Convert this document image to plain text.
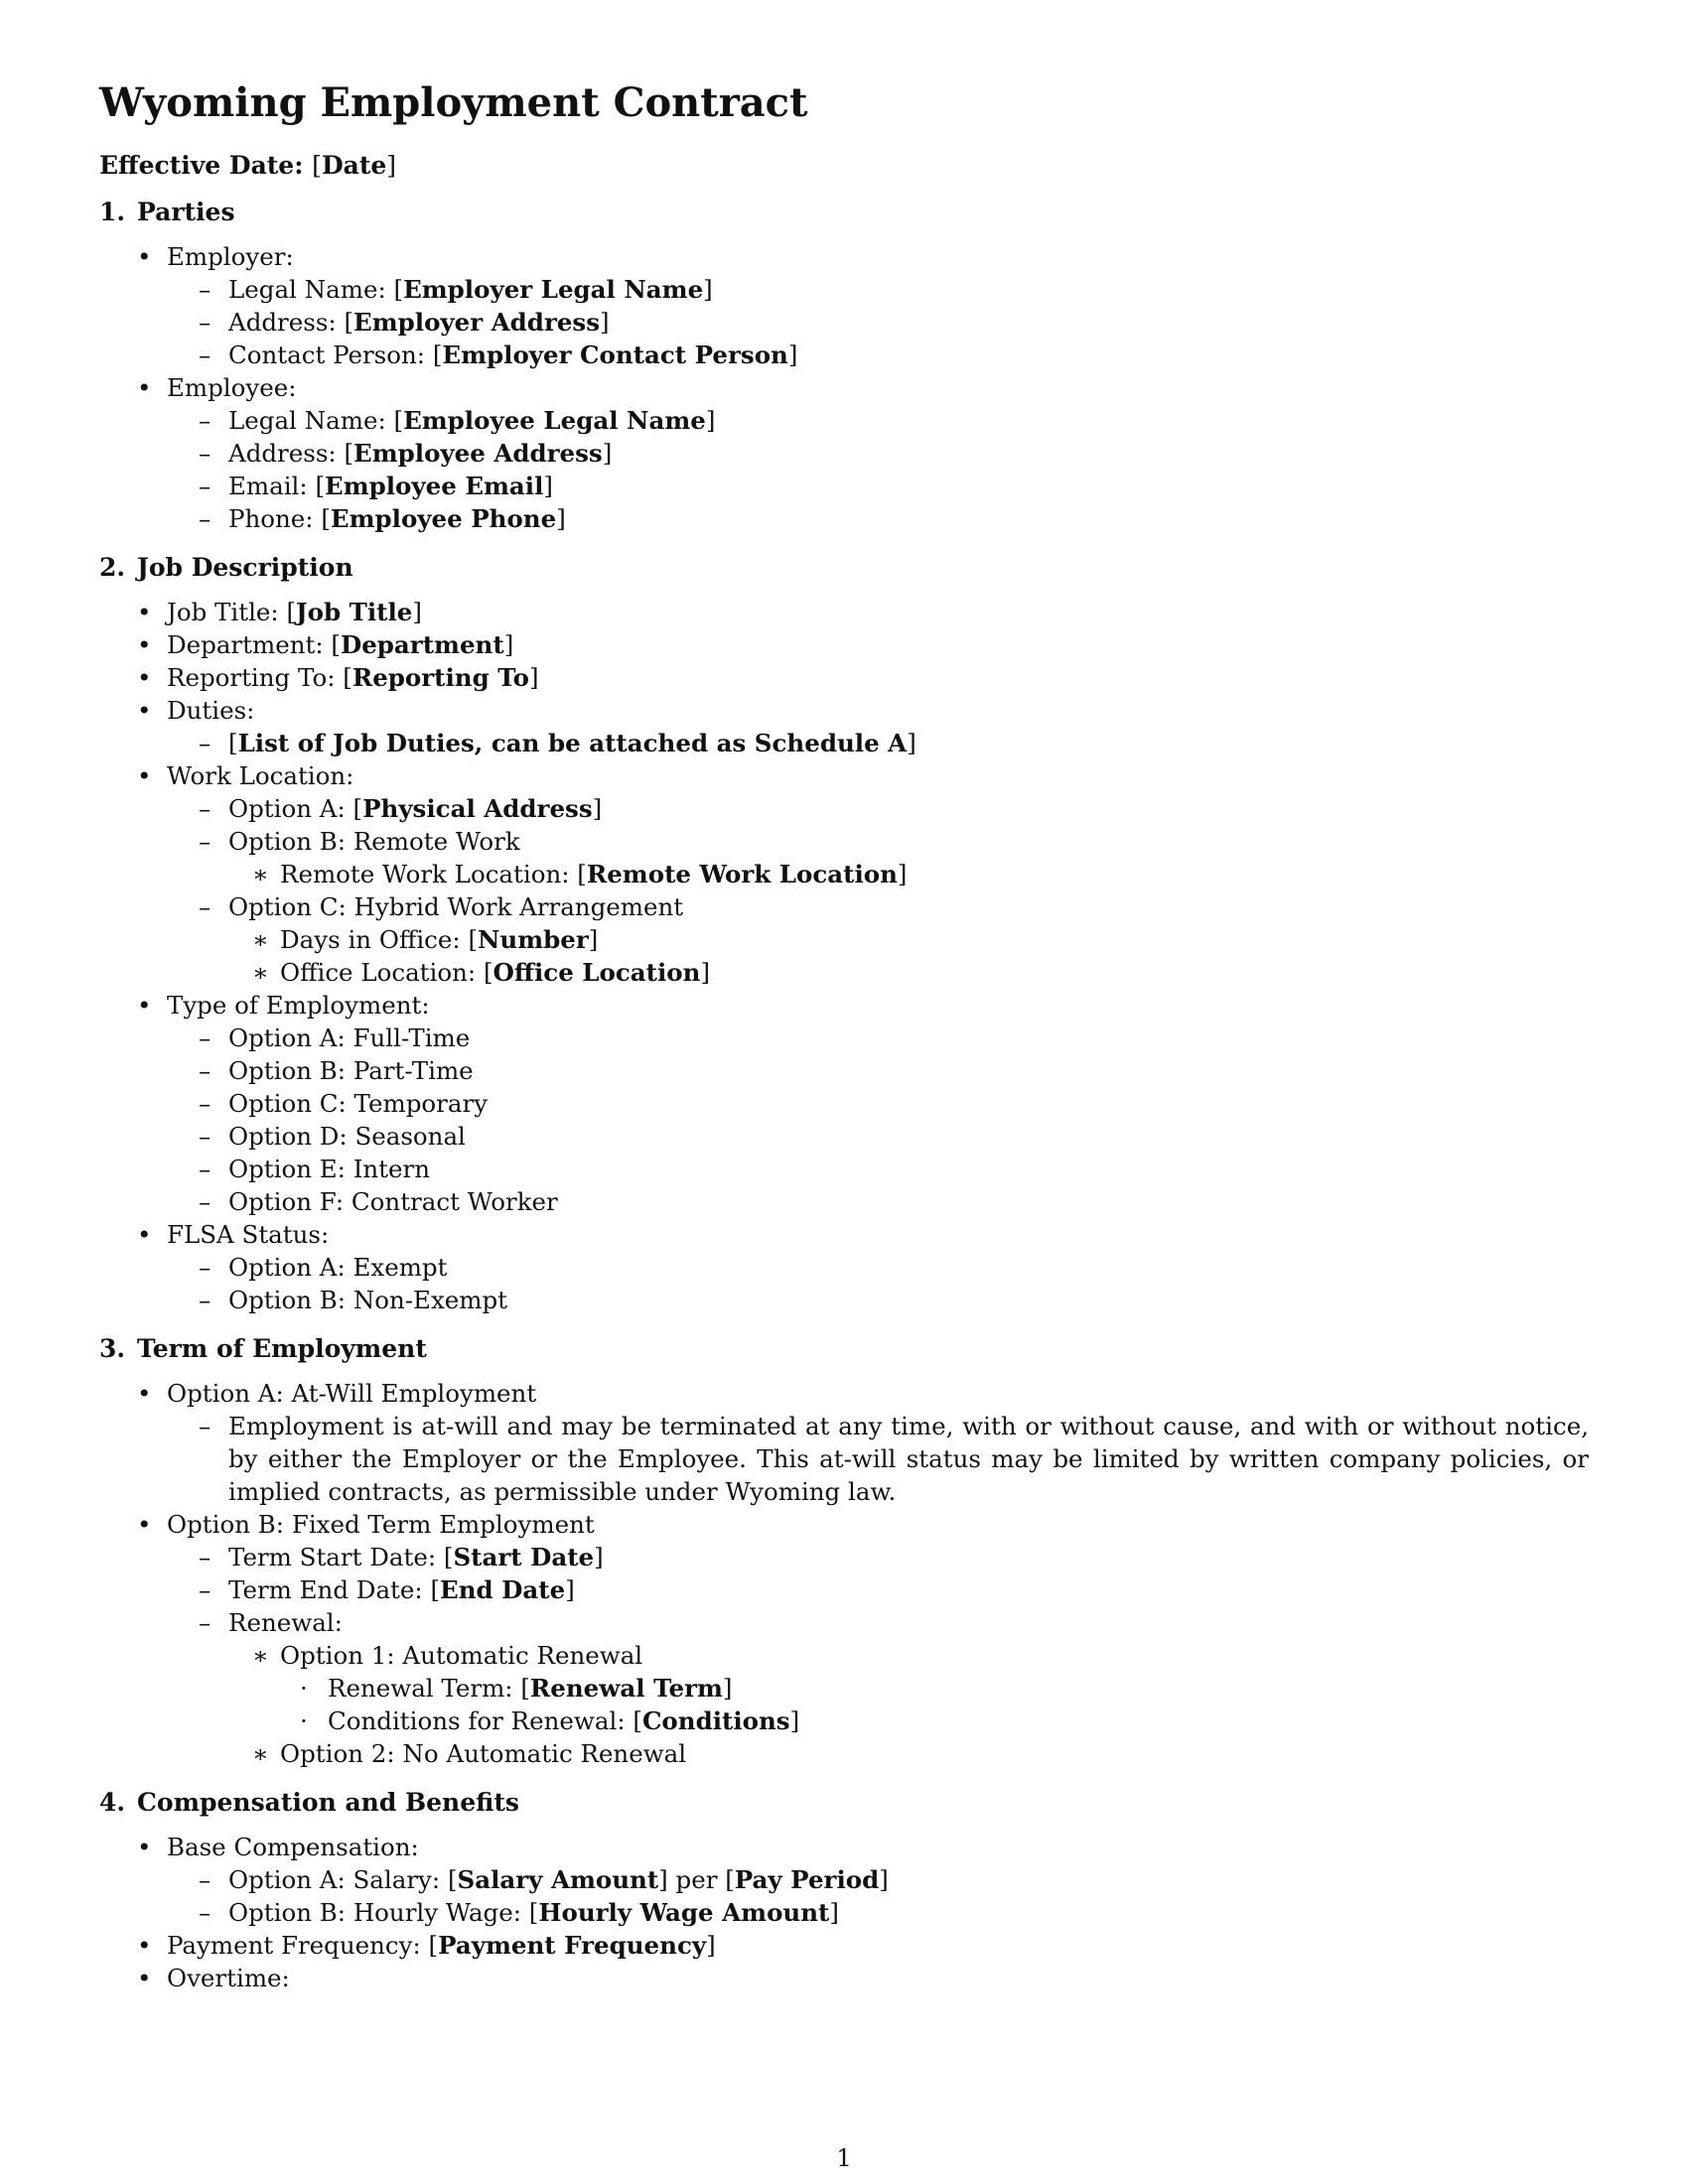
Wyoming Employment Contract
Effective Date: [Date]
1. Parties
• Employer:
– Legal Name: [Employer Legal Name]
– Address: [Employer Address]
– Contact Person: [Employer Contact Person]
• Employee:
– Legal Name: [Employee Legal Name]
– Address: [Employee Address]
– Email: [Employee Email]
– Phone: [Employee Phone]
2. Job Description
• Job Title: [Job Title]
• Department: [Department]
• Reporting To: [Reporting To]
• Duties:
– [List of Job Duties, can be attached as Schedule A]
• Work Location:
– Option A: [Physical Address]
– Option B: Remote Work
∗ Remote Work Location: [Remote Work Location]
– Option C: Hybrid Work Arrangement
∗ Days in Office: [Number]
∗ Office Location: [Office Location]
• Type of Employment:
– Option A: Full-Time
– Option B: Part-Time
– Option C: Temporary
– Option D: Seasonal
– Option E: Intern
– Option F: Contract Worker
• FLSA Status:
– Option A: Exempt
– Option B: Non-Exempt
3. Term of Employment
• Option A: At-Will Employment
– Employment is at-will and may be terminated at any time, with or without cause, and with or without notice, by either the Employer or the Employee. This at-will status may be limited by written company policies, or implied contracts, as permissible under Wyoming law.
• Option B: Fixed Term Employment
– Term Start Date: [Start Date]
– Term End Date: [End Date]
– Renewal:
∗ Option 1: Automatic Renewal
· Renewal Term: [Renewal Term]
· Conditions for Renewal: [Conditions]
∗ Option 2: No Automatic Renewal
4. Compensation and Benefits
• Base Compensation:
– Option A: Salary: [Salary Amount] per [Pay Period]
– Option B: Hourly Wage: [Hourly Wage Amount]
• Payment Frequency: [Payment Frequency]
• Overtime:
1
